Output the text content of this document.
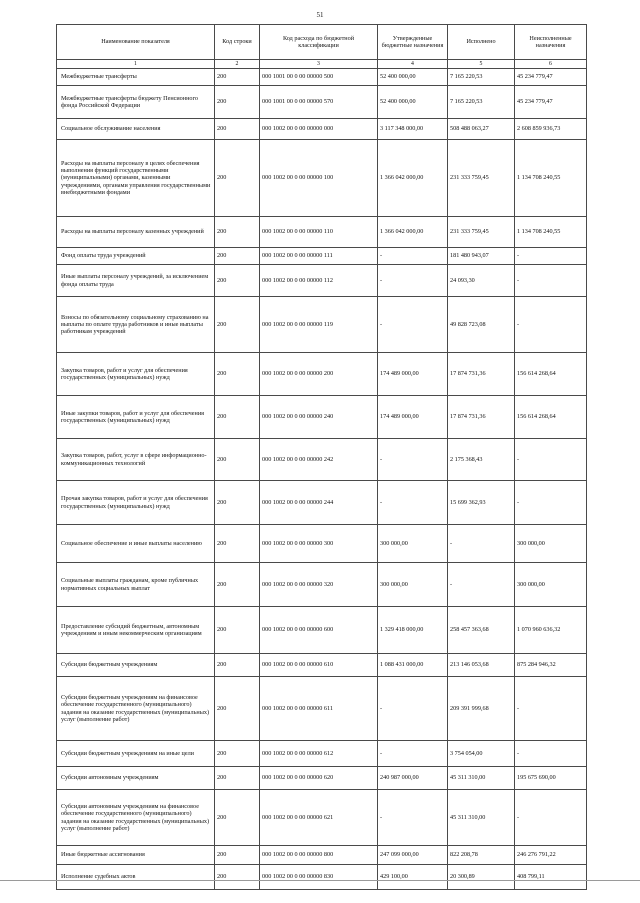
51
Наименование показателя	Код строки	Код расхода по бюджетной классификации	Утвержденные бюджетные назначения	Исполнено	Неисполненные назначения
1	2	3	4	5	6
Межбюджетные трансферты	200	000 1001 00 0 00 00000 500	52 400 000,00	7 165 220,53	45 234 779,47
Межбюджетные трансферты бюджету Пенсионного фонда Российской Федерации	200	000 1001 00 0 00 00000 570	52 400 000,00	7 165 220,53	45 234 779,47
Социальное обслуживание населения	200	000 1002 00 0 00 00000 000	3 117 348 000,00	508 488 063,27	2 608 859 936,73
Расходы на выплаты персоналу в целях обеспечения выполнения функций государственными (муниципальными) органами, казенными учреждениями, органами управления государственными внебюджетными фондами	200	000 1002 00 0 00 00000 100	1 366 042 000,00	231 333 759,45	1 134 708 240,55
Расходы на выплаты персоналу казенных учреждений	200	000 1002 00 0 00 00000 110	1 366 042 000,00	231 333 759,45	1 134 708 240,55
Фонд оплаты труда учреждений	200	000 1002 00 0 00 00000 111	-	181 480 943,07	-
Иные выплаты персоналу учреждений, за исключением фонда оплаты труда	200	000 1002 00 0 00 00000 112	-	24 093,30	-
Взносы по обязательному социальному страхованию на выплаты по оплате труда работников и иные выплаты работникам учреждений	200	000 1002 00 0 00 00000 119	-	49 828 723,08	-
Закупка товаров, работ и услуг для обеспечения государственных (муниципальных) нужд	200	000 1002 00 0 00 00000 200	174 489 000,00	17 874 731,36	156 614 268,64
Иные закупки товаров, работ и услуг для обеспечения государственных (муниципальных) нужд	200	000 1002 00 0 00 00000 240	174 489 000,00	17 874 731,36	156 614 268,64
Закупка товаров, работ, услуг в сфере информационно-коммуникационных технологий	200	000 1002 00 0 00 00000 242	-	2 175 368,43	-
Прочая закупка товаров, работ и услуг для обеспечения государственных (муниципальных) нужд	200	000 1002 00 0 00 00000 244	-	15 699 362,93	-
Социальное обеспечение и иные выплаты населению	200	000 1002 00 0 00 00000 300	300 000,00	-	300 000,00
Социальные выплаты гражданам, кроме публичных нормативных социальных выплат	200	000 1002 00 0 00 00000 320	300 000,00	-	300 000,00
Предоставление субсидий бюджетным, автономным учреждениям и иным некоммерческим организациям	200	000 1002 00 0 00 00000 600	1 329 418 000,00	258 457 363,68	1 070 960 636,32
Субсидии бюджетным учреждениям	200	000 1002 00 0 00 00000 610	1 088 431 000,00	213 146 053,68	875 284 946,32
Субсидии бюджетным учреждениям на финансовое обеспечение государственного (муниципального) задания на оказание государственных (муниципальных) услуг (выполнение работ)	200	000 1002 00 0 00 00000 611	-	209 391 999,68	-
Субсидии бюджетным учреждениям на иные цели	200	000 1002 00 0 00 00000 612	-	3 754 054,00	-
Субсидии автономным учреждениям	200	000 1002 00 0 00 00000 620	240 987 000,00	45 311 310,00	195 675 690,00
Субсидии автономным учреждениям на финансовое обеспечение государственного (муниципального) задания на оказание государственных (муниципальных) услуг (выполнение работ)	200	000 1002 00 0 00 00000 621	-	45 311 310,00	-
Иные бюджетные ассигнования	200	000 1002 00 0 00 00000 800	247 099 000,00	822 208,78	246 276 791,22
Исполнение судебных актов	200	000 1002 00 0 00 00000 830	429 100,00	20 300,89	408 799,11
